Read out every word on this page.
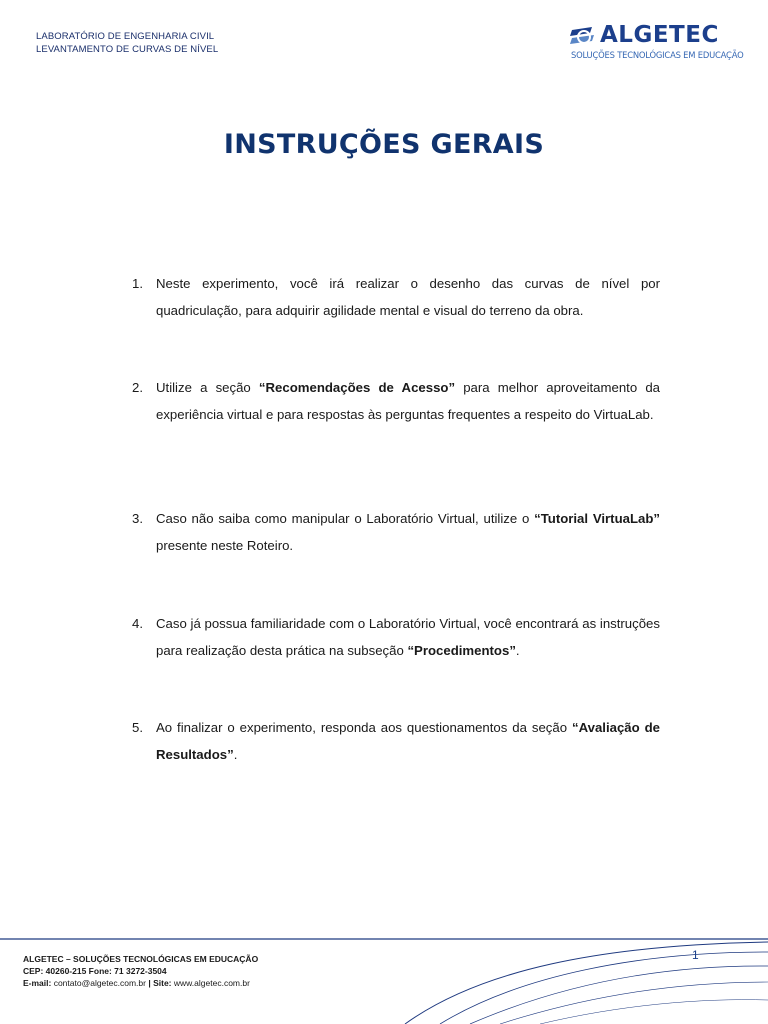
LABORATÓRIO DE ENGENHARIA CIVIL
LEVANTAMENTO DE CURVAS DE NÍVEL
ALGETEC
SOLUÇÕES TECNOLÓGICAS EM EDUCAÇÃO
INSTRUÇÕES GERAIS
1. Neste experimento, você irá realizar o desenho das curvas de nível por quadriculação, para adquirir agilidade mental e visual do terreno da obra.
2. Utilize a seção “Recomendações de Acesso” para melhor aproveitamento da experiência virtual e para respostas às perguntas frequentes a respeito do VirtuaLab.
3. Caso não saiba como manipular o Laboratório Virtual, utilize o “Tutorial VirtuaLab” presente neste Roteiro.
4. Caso já possua familiaridade com o Laboratório Virtual, você encontrará as instruções para realização desta prática na subseção “Procedimentos”.
5. Ao finalizar o experimento, responda aos questionamentos da seção “Avaliação de Resultados”.
ALGETEC – SOLUÇÕES TECNOLÓGICAS EM EDUCAÇÃO
CEP: 40260-215 Fone: 71 3272-3504
E-mail: contato@algetec.com.br | Site: www.algetec.com.br
1
